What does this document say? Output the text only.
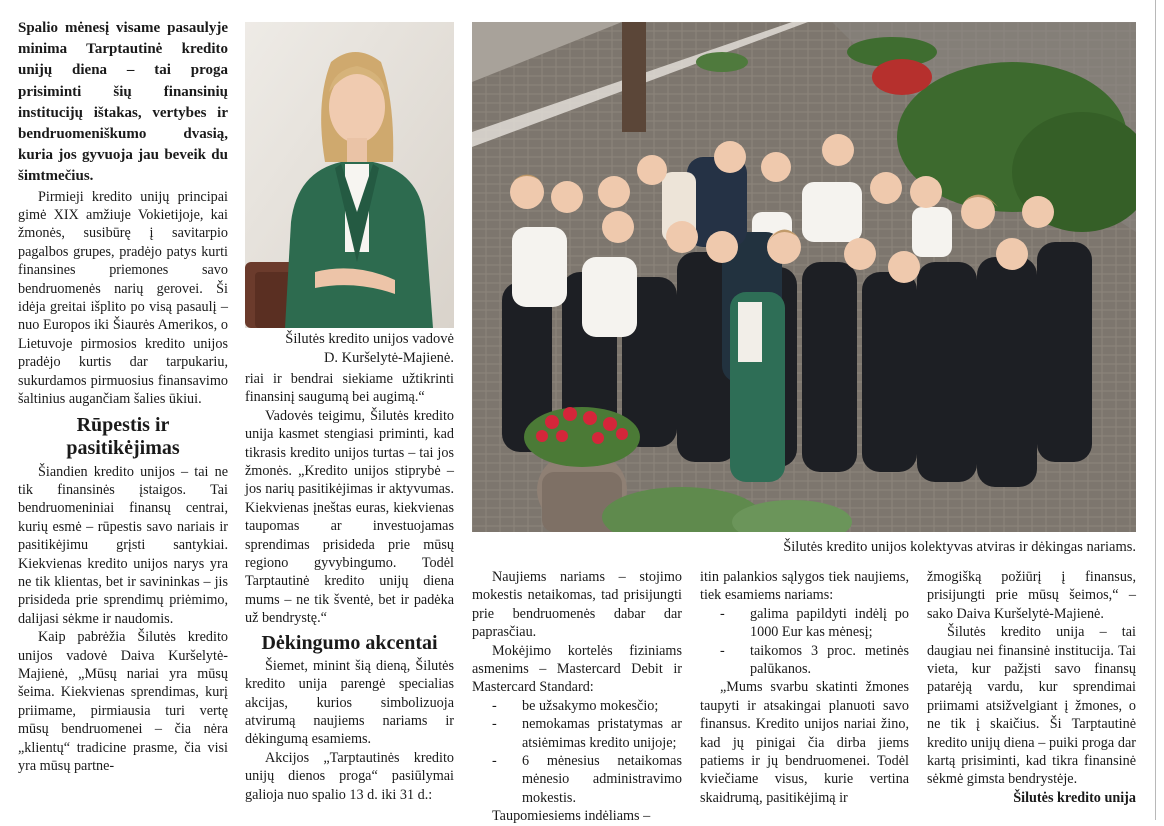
Spalio mėnesį visame pasaulyje minima Tarptautinė kredito unijų diena – tai proga prisiminti šių finansinių institucijų ištakas, vertybes ir bendruomeniškumo dvasią, kuria jos gyvuoja jau beveik du šimtmečius.

Pirmieji kredito unijų principai gimė XIX amžiuje Vokietijoje, kai žmonės, susibūrę į savitarpio pagalbos grupes, pradėjo patys kurti finansines priemones savo bendruomenės narių gerovei. Ši idėja greitai išplito po visą pasaulį – nuo Europos iki Šiaurės Amerikos, o Lietuvoje pirmosios kredito unijos pradėjo kurtis dar tarpukariu, sukurdamos pirmuosius finansavimo šaltinius augančiam šalies ūkiui.

Rūpestis ir pasitikėjimas

Šiandien kredito unijos – tai ne tik finansinės įstaigos. Tai bendruomeniniai finansų centrai, kurių esmė – rūpestis savo nariais ir pasitikėjimu grįsti santykiai. Kiekvienas kredito unijos narys yra ne tik klientas, bet ir savininkas – jis prisideda prie sprendimų priėmimo, dalijasi sėkme ir naudomis.

Kaip pabrėžia Šilutės kredito unijos vadovė Daiva Kuršelytė-Majienė, „Mūsų nariai yra mūsų šeima. Kiekvienas sprendimas, kurį priimame, pirmiausia turi vertę mūsų bendruomenei – čia nėra „klientų“ tradicine prasme, čia visi yra mūsų partne-

Šilutės kredito unijos vadovė
D. Kuršelytė-Majienė.

riai ir bendrai siekiame užtikrinti finansinį saugumą bei augimą.“

Vadovės teigimu, Šilutės kredito unija kasmet stengiasi priminti, kad tikrasis kredito unijos turtas – tai jos žmonės. „Kredito unijos stiprybė – jos narių pasitikėjimas ir aktyvumas. Kiekvienas įneštas euras, kiekvienas taupomas ar investuojamas sprendimas prisideda prie mūsų regiono gyvybingumo. Todėl Tarptautinė kredito unijų diena mums – ne tik šventė, bet ir padėka už bendrystę.“

Dėkingumo akcentai

Šiemet, minint šią dieną, Šilutės kredito unija parengė specialias akcijas, kurios simbolizuoja atvirumą naujiems nariams ir dėkingumą esamiems.

Akcijos „Tarptautinės kredito unijų dienos proga“ pasiūlymai galioja nuo spalio 13 d. iki 31 d.:

Šilutės kredito unijos kolektyvas atviras ir dėkingas nariams.

Naujiems nariams – stojimo mokestis netaikomas, tad prisijungti prie bendruomenės dabar dar paprasčiau.

Mokėjimo kortelės fiziniams asmenims – Mastercard Debit ir Mastercard Standard:

-	be užsakymo mokesčio;
-	nemokamas pristatymas ar atsiėmimas kredito unijoje;
-	6 mėnesius netaikomas mėnesio administravimo mokestis.

Taupomiesiems indėliams –

itin palankios sąlygos tiek naujiems, tiek esamiems nariams:

-	galima papildyti indėlį po 1000 Eur kas mėnesį;
-	taikomos 3 proc. metinės palūkanos.

„Mums svarbu skatinti žmones taupyti ir atsakingai planuoti savo finansus. Kredito unijos nariai žino, kad jų pinigai čia dirba jiems patiems ir jų bendruomenei. Todėl kviečiame visus, kurie vertina skaidrumą, pasitikėjimą ir

žmogišką požiūrį į finansus, prisijungti prie mūsų šeimos,“ – sako Daiva Kuršelytė-Majienė.

Šilutės kredito unija – tai daugiau nei finansinė institucija. Tai vieta, kur pažįsti savo finansų patarėją vardu, kur sprendimai priimami atsižvelgiant į žmones, o ne tik į skaičius. Ši Tarptautinė kredito unijų diena – puiki proga dar kartą prisiminti, kad tikra finansinė sėkmė gimsta bendrystėje.

Šilutės kredito unija
